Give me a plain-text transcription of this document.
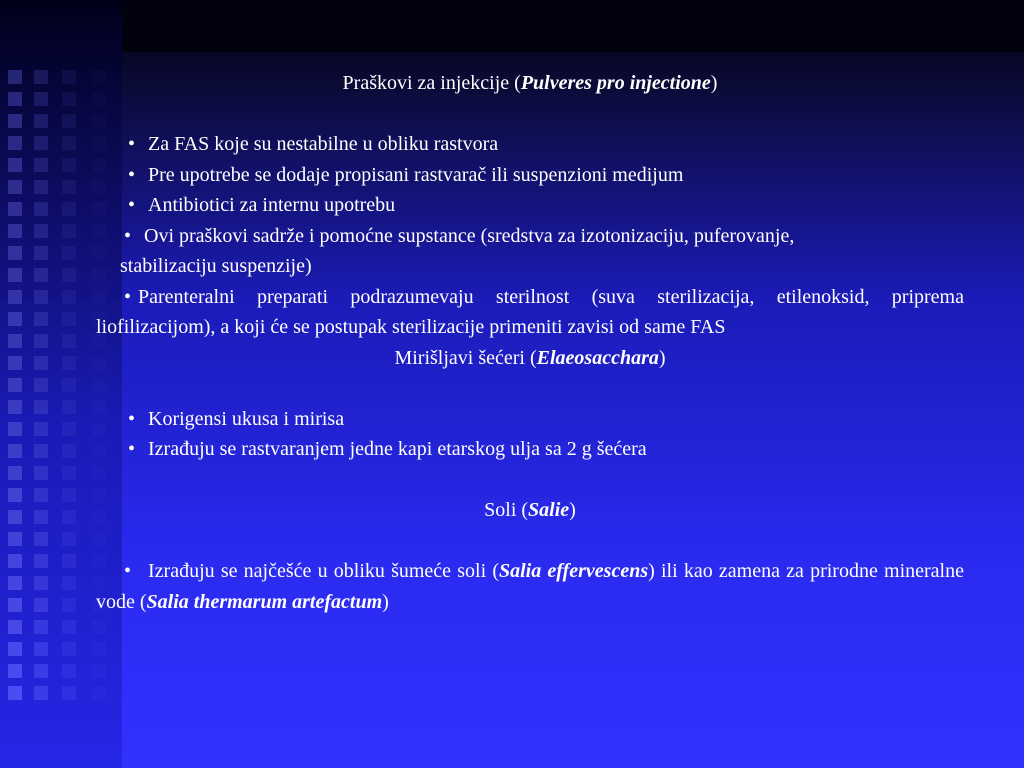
Praškovi za injekcije (Pulveres pro injectione)
• Za FAS koje su nestabilne u obliku rastvora
• Pre upotrebe se dodaje propisani rastvarač ili suspenzioni medijum
• Antibiotici za internu upotrebu
• Ovi praškovi sadrže i pomoćne supstance (sredstva za izotonizaciju, puferovanje,
stabilizaciju suspenzije)
• Parenteralni preparati podrazumevaju sterilnost (suva sterilizacija, etilenoksid, priprema liofilizacijom), a koji će se postupak sterilizacije primeniti zavisi od same FAS
Mirišljavi šećeri (Elaeosacchara)
• Korigensi ukusa i mirisa
• Izrađuju se rastvaranjem jedne kapi etarskog ulja sa 2 g šećera
Soli (Salie)
• Izrađuju se najčešće u obliku šumeće soli (Salia effervescens) ili kao zamena za prirodne mineralne vode (Salia thermarum artefactum)
